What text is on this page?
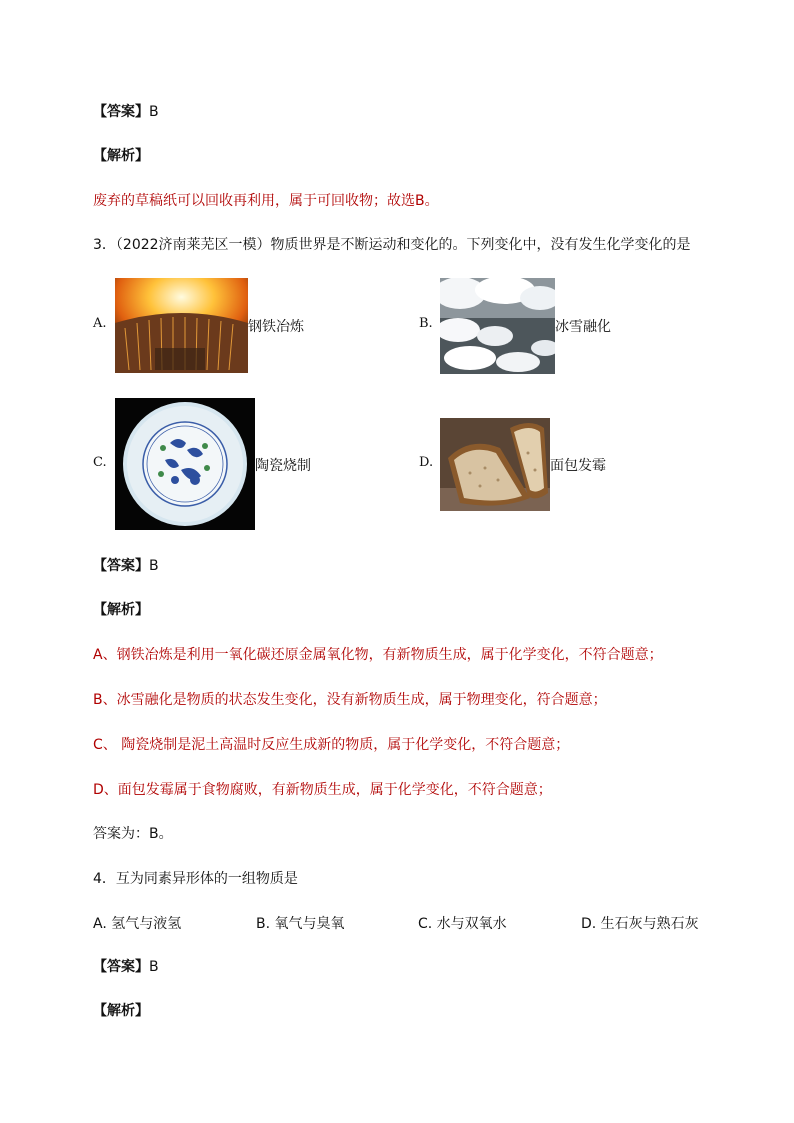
【答案】B
【解析】
废弃的草稿纸可以回收再利用，属于可回收物；故选B。
3．（2022济南莱芜区一模）物质世界是不断运动和变化的。下列变化中，没有发生化学变化的是
A.	钢铁冶炼	B.	冰雪融化
C.	陶瓷烧制	D.	面包发霉
【答案】B
【解析】
A、钢铁冶炼是利用一氧化碳还原金属氧化物，有新物质生成，属于化学变化，不符合题意；
B、冰雪融化是物质的状态发生变化，没有新物质生成，属于物理变化，符合题意；
C、 陶瓷烧制是泥土高温时反应生成新的物质，属于化学变化，不符合题意；
D、面包发霉属于食物腐败，有新物质生成，属于化学变化，不符合题意；
答案为：B。
4．互为同素异形体的一组物质是
A. 氢气与液氢	B. 氧气与臭氧	C. 水与双氧水	D. 生石灰与熟石灰
【答案】B
【解析】
